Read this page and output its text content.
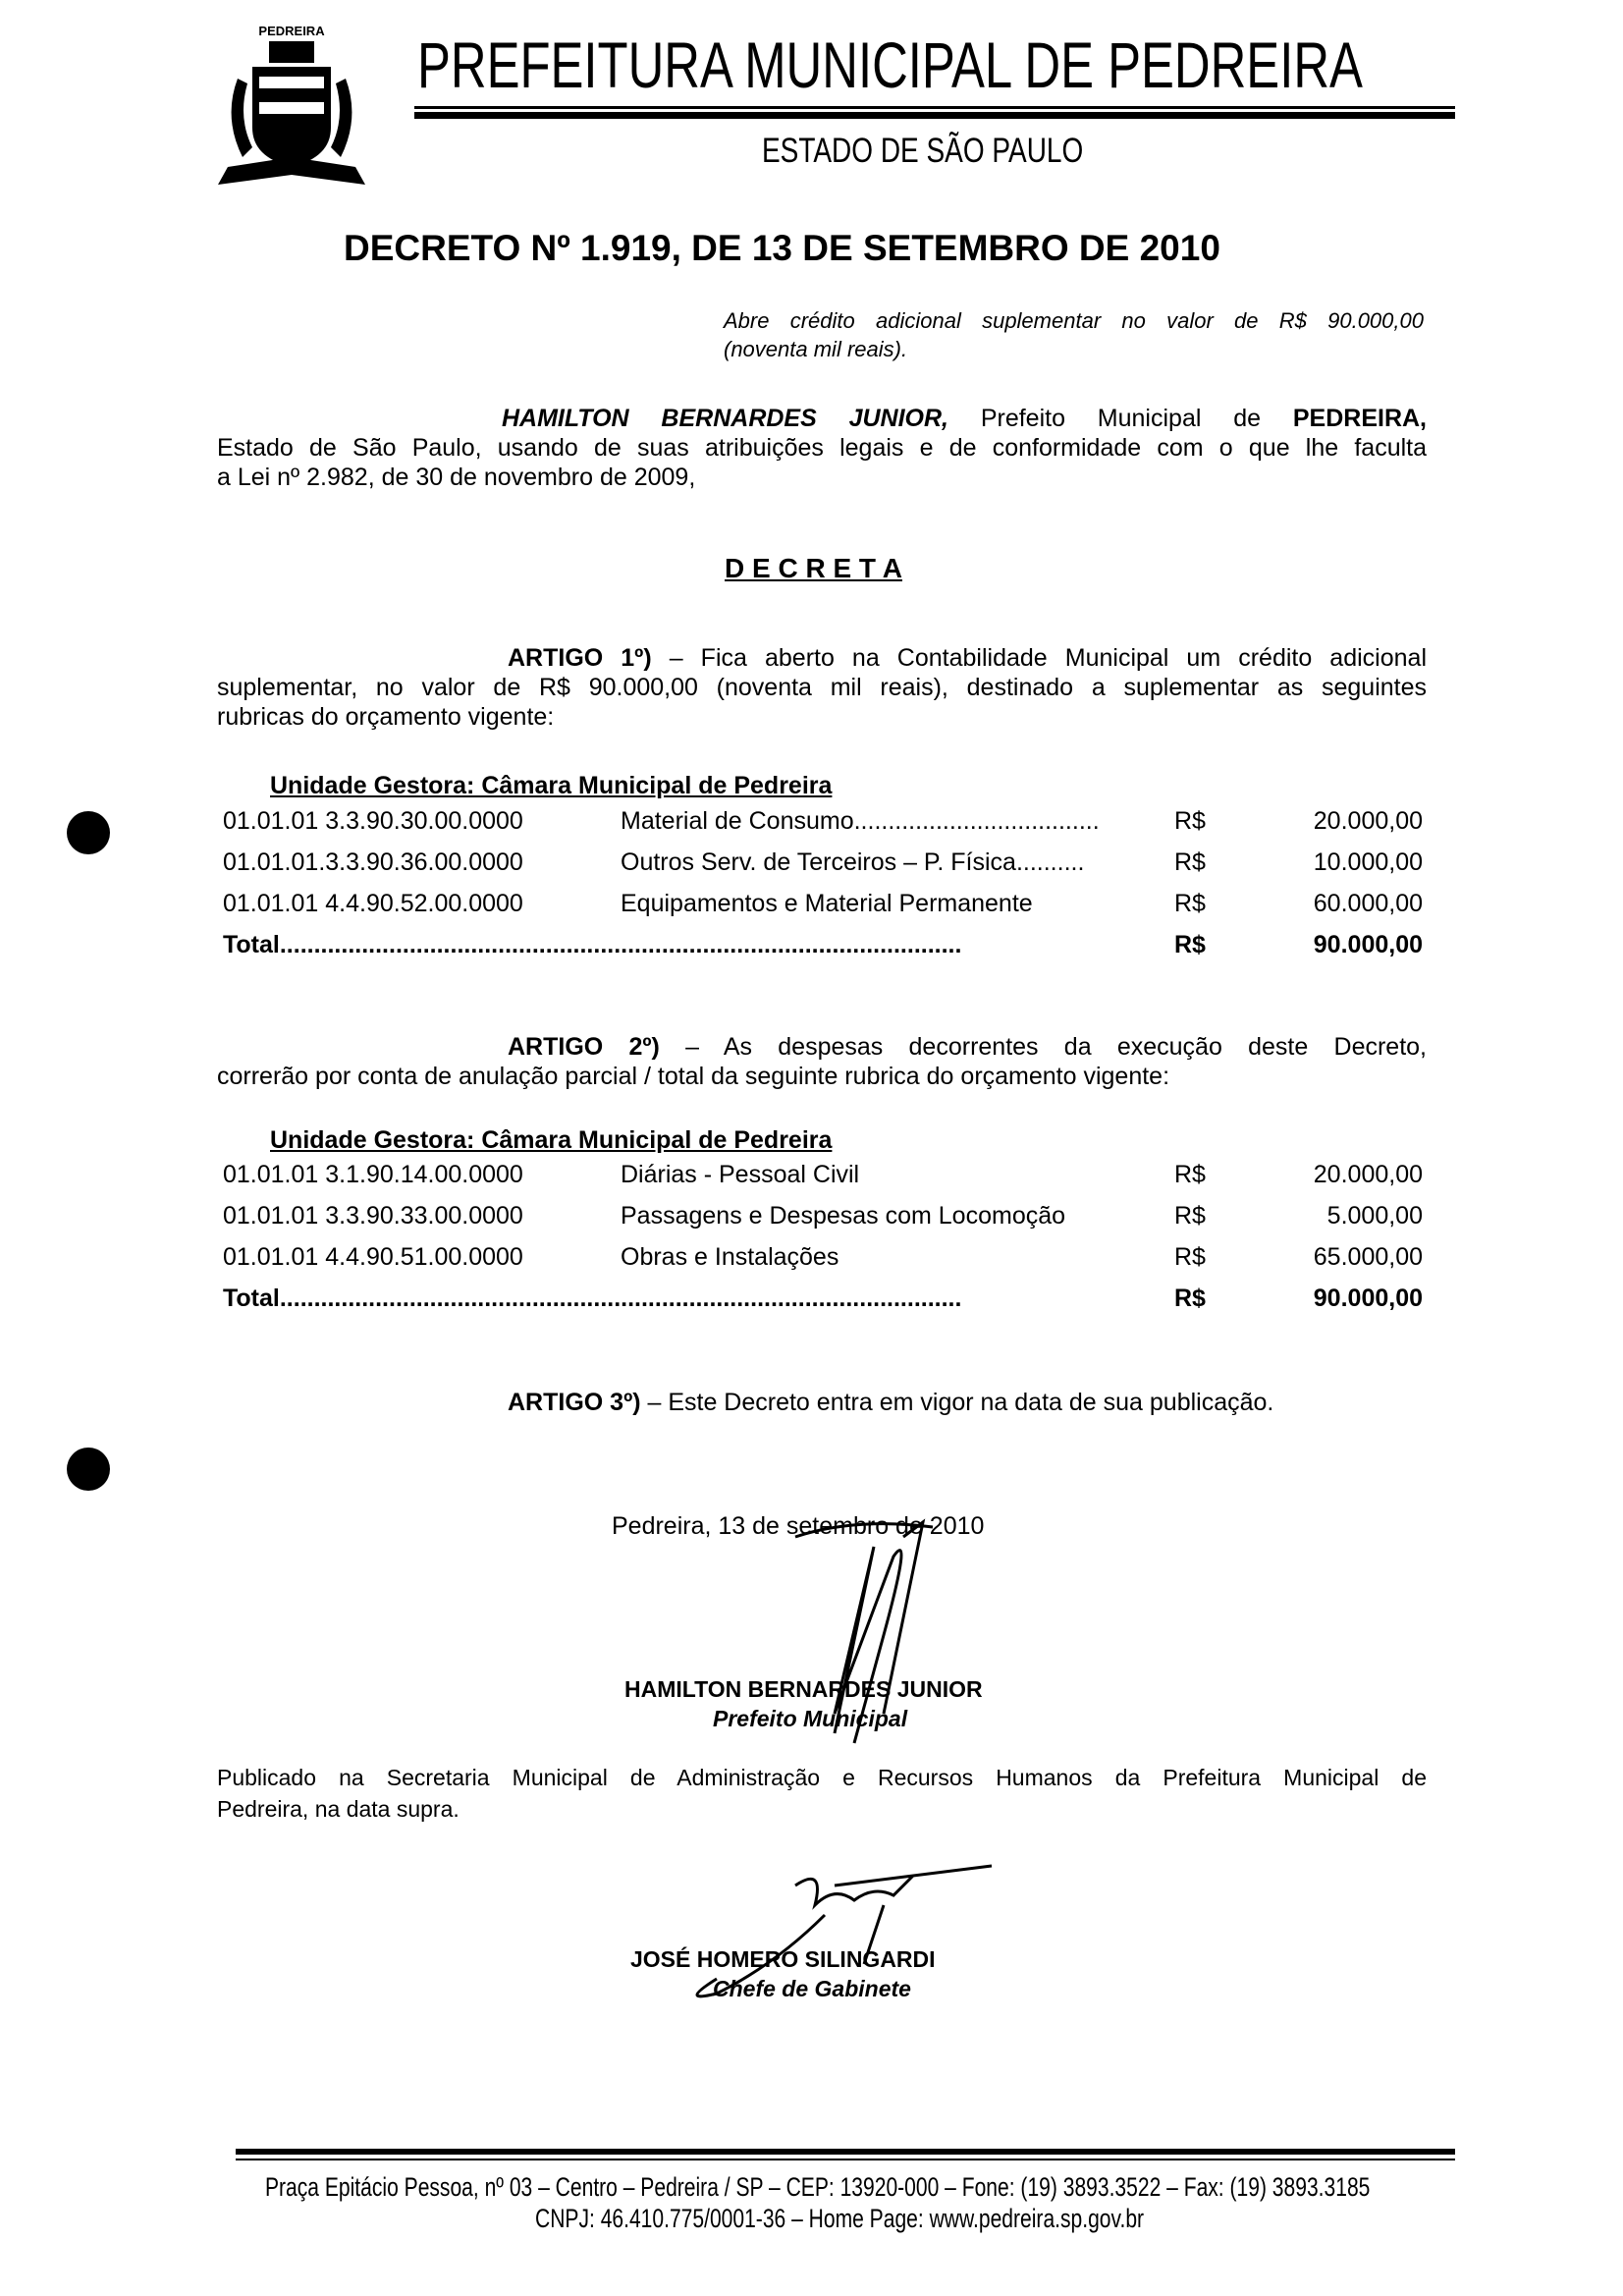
PEDREIRA PREFEITURA MUNICIPAL DE PEDREIRA
ESTADO DE SÃO PAULO
DECRETO Nº 1.919, DE 13 DE SETEMBRO DE 2010
Abre crédito adicional suplementar no valor de R$ 90.000,00
(noventa mil reais).
HAMILTON BERNARDES JUNIOR, Prefeito Municipal de PEDREIRA,
Estado de São Paulo, usando de suas atribuições legais e de conformidade com o que lhe faculta
a Lei nº 2.982, de 30 de novembro de 2009,
D E C R E T A
ARTIGO 1º) – Fica aberto na Contabilidade Municipal um crédito adicional
suplementar, no valor de R$ 90.000,00 (noventa mil reais), destinado a suplementar as seguintes
rubricas do orçamento vigente:
Unidade Gestora: Câmara Municipal de Pedreira
01.01.01 3.3.90.30.00.0000	Material de Consumo....................................	R$	20.000,00
01.01.01.3.3.90.36.00.0000	Outros Serv. de Terceiros – P. Física..........	R$	10.000,00
01.01.01 4.4.90.52.00.0000	Equipamentos e Material Permanente	R$	60.000,00
Total....................................................................................................	R$	90.000,00
ARTIGO 2º) – As despesas decorrentes da execução deste Decreto,
correrão por conta de anulação parcial / total da seguinte rubrica do orçamento vigente:
Unidade Gestora: Câmara Municipal de Pedreira
01.01.01 3.1.90.14.00.0000	Diárias - Pessoal Civil	R$	20.000,00
01.01.01 3.3.90.33.00.0000	Passagens e Despesas com Locomoção	R$	5.000,00
01.01.01 4.4.90.51.00.0000	Obras e Instalações	R$	65.000,00
Total....................................................................................................	R$	90.000,00
ARTIGO 3º) – Este Decreto entra em vigor na data de sua publicação.
Pedreira, 13 de setembro de 2010
HAMILTON BERNARDES JUNIOR
Prefeito Municipal
Publicado na Secretaria Municipal de Administração e Recursos Humanos da Prefeitura Municipal de
Pedreira, na data supra.
JOSÉ HOMERO SILINGARDI
Chefe de Gabinete
Praça Epitácio Pessoa, nº 03 – Centro – Pedreira / SP – CEP: 13920-000 – Fone: (19) 3893.3522 – Fax: (19) 3893.3185
CNPJ: 46.410.775/0001-36 – Home Page: www.pedreira.sp.gov.br
